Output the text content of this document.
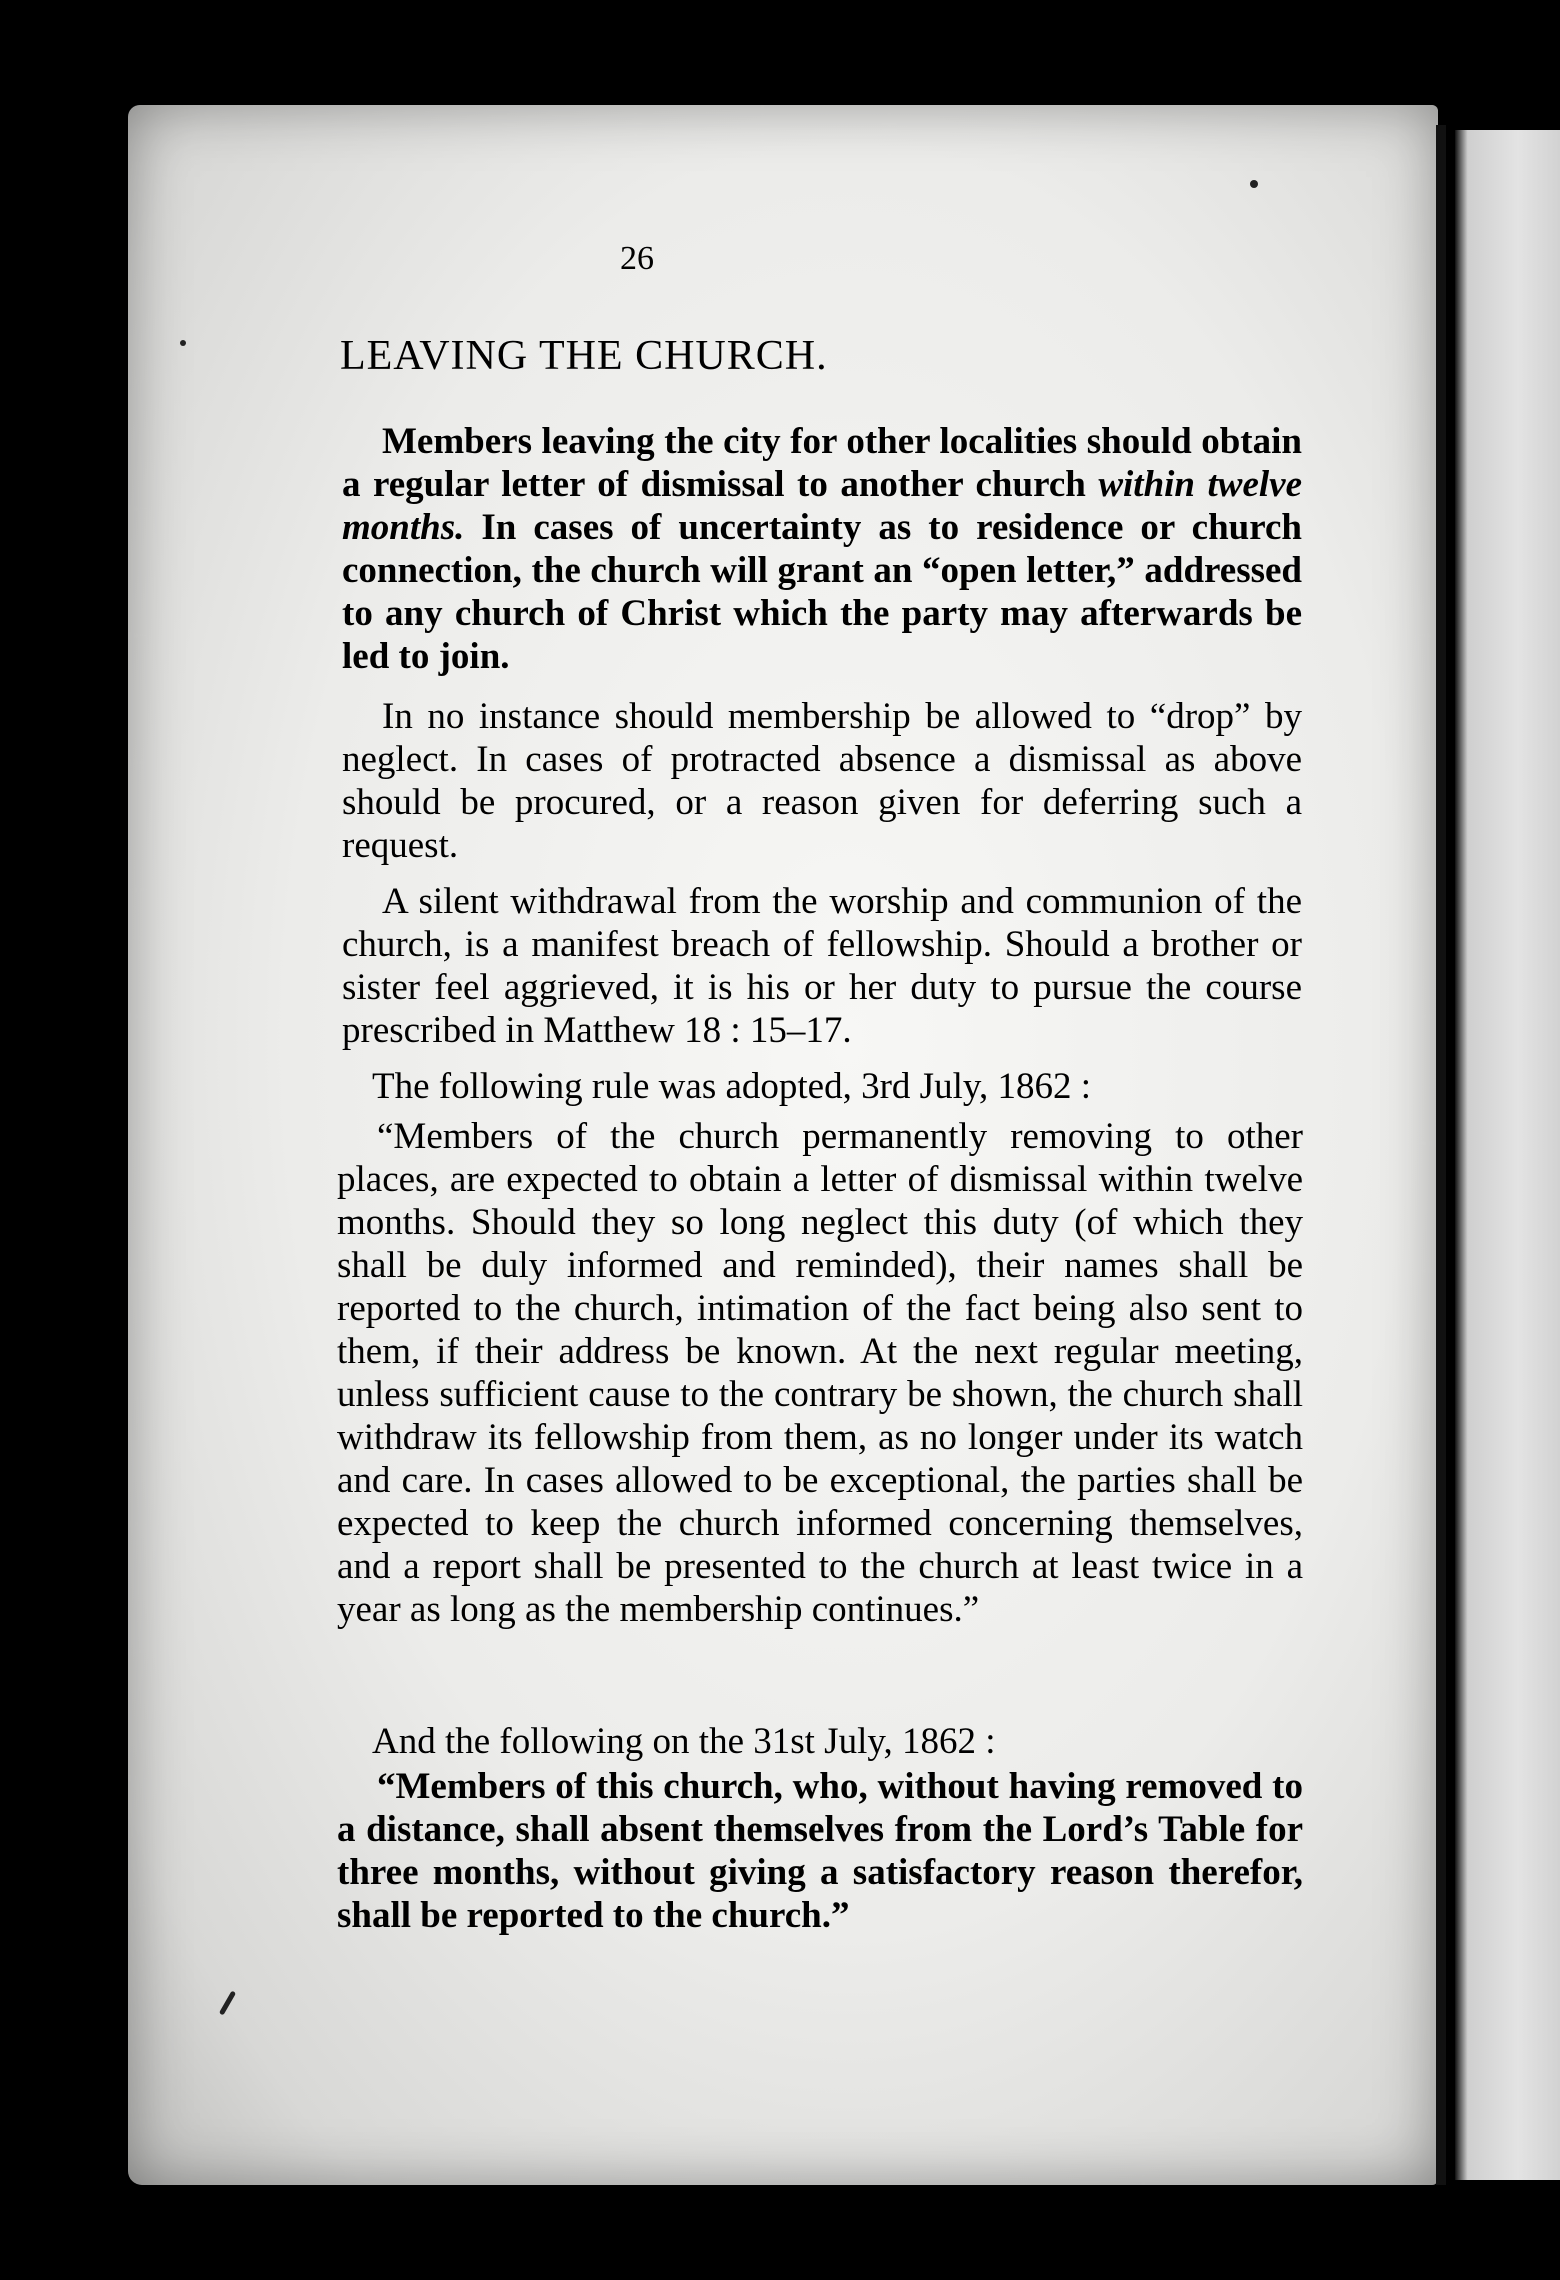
26

LEAVING THE CHURCH.

Members leaving the city for other localities should obtain a regular letter of dismissal to another church within twelve months. In cases of uncertainty as to residence or church connection, the church will grant an “open letter,” addressed to any church of Christ which the party may afterwards be led to join.

In no instance should membership be allowed to “drop” by neglect. In cases of protracted absence a dismissal as above should be procured, or a reason given for deferring such a request.

A silent withdrawal from the worship and communion of the church, is a manifest breach of fellowship. Should a brother or sister feel aggrieved, it is his or her duty to pursue the course prescribed in Matthew 18 : 15–17.

The following rule was adopted, 3rd July, 1862 :

“Members of the church permanently removing to other places, are expected to obtain a letter of dismissal within twelve months. Should they so long neglect this duty (of which they shall be duly informed and reminded), their names shall be reported to the church, intimation of the fact being also sent to them, if their address be known. At the next regular meeting, unless sufficient cause to the contrary be shown, the church shall withdraw its fellowship from them, as no longer under its watch and care. In cases allowed to be exceptional, the parties shall be expected to keep the church informed concerning themselves, and a report shall be presented to the church at least twice in a year as long as the membership continues.”

And the following on the 31st July, 1862 :

“Members of this church, who, without having removed to a distance, shall absent themselves from the Lord’s Table for three months, without giving a satisfactory reason therefor, shall be reported to the church.”
